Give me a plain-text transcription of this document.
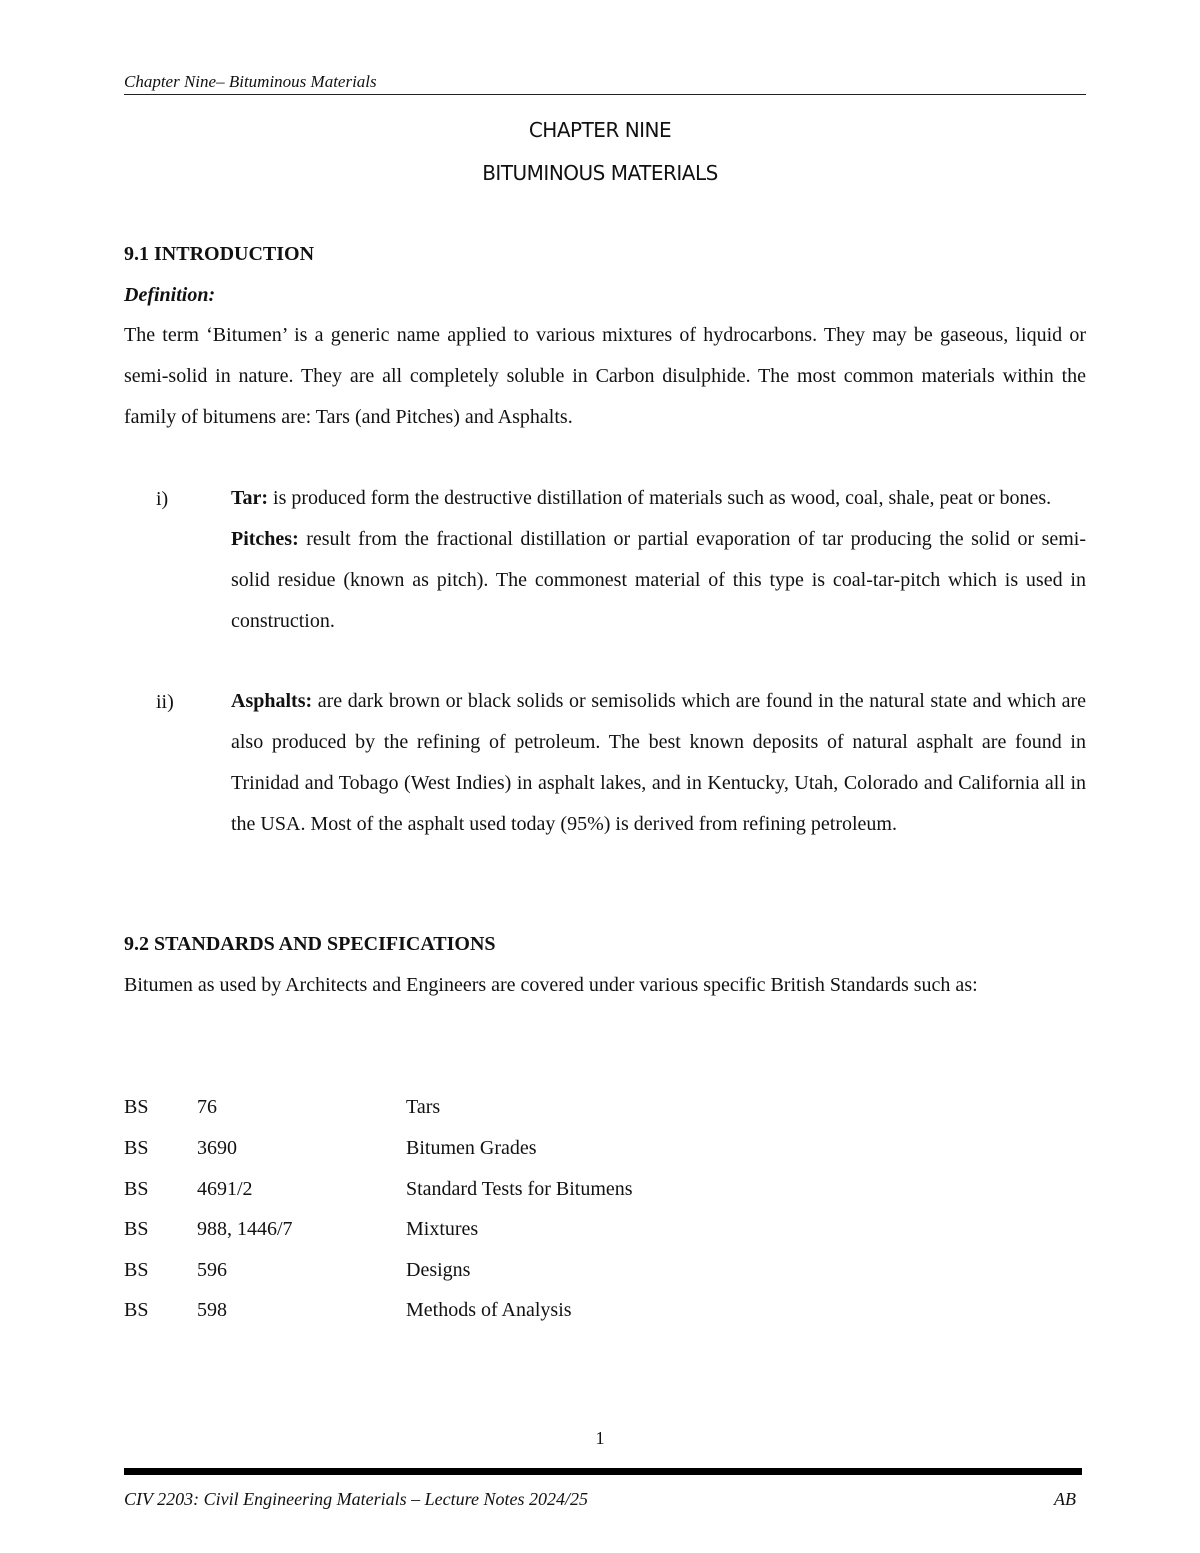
Chapter Nine– Bituminous Materials
CHAPTER NINE
BITUMINOUS MATERIALS
9.1 INTRODUCTION
Definition:
The term ‘Bitumen’ is a generic name applied to various mixtures of hydrocarbons. They may be gaseous, liquid or semi-solid in nature. They are all completely soluble in Carbon disulphide. The most common materials within the family of bitumens are: Tars (and Pitches) and Asphalts.
i)	Tar: is produced form the destructive distillation of materials such as wood, coal, shale, peat or bones.
Pitches: result from the fractional distillation or partial evaporation of tar producing the solid or semi-solid residue (known as pitch). The commonest material of this type is coal-tar-pitch which is used in construction.
ii)	Asphalts: are dark brown or black solids or semisolids which are found in the natural state and which are also produced by the refining of petroleum. The best known deposits of natural asphalt are found in Trinidad and Tobago (West Indies) in asphalt lakes, and in Kentucky, Utah, Colorado and California all in the USA. Most of the asphalt used today (95%) is derived from refining petroleum.
9.2 STANDARDS AND SPECIFICATIONS
Bitumen as used by Architects and Engineers are covered under various specific British Standards such as:
BS 76	Tars
BS 3690	Bitumen Grades
BS 4691/2	Standard Tests for Bitumens
BS 988, 1446/7	Mixtures
BS 596	Designs
BS 598	Methods of Analysis
1
CIV 2203: Civil Engineering Materials – Lecture Notes 2024/25	AB
